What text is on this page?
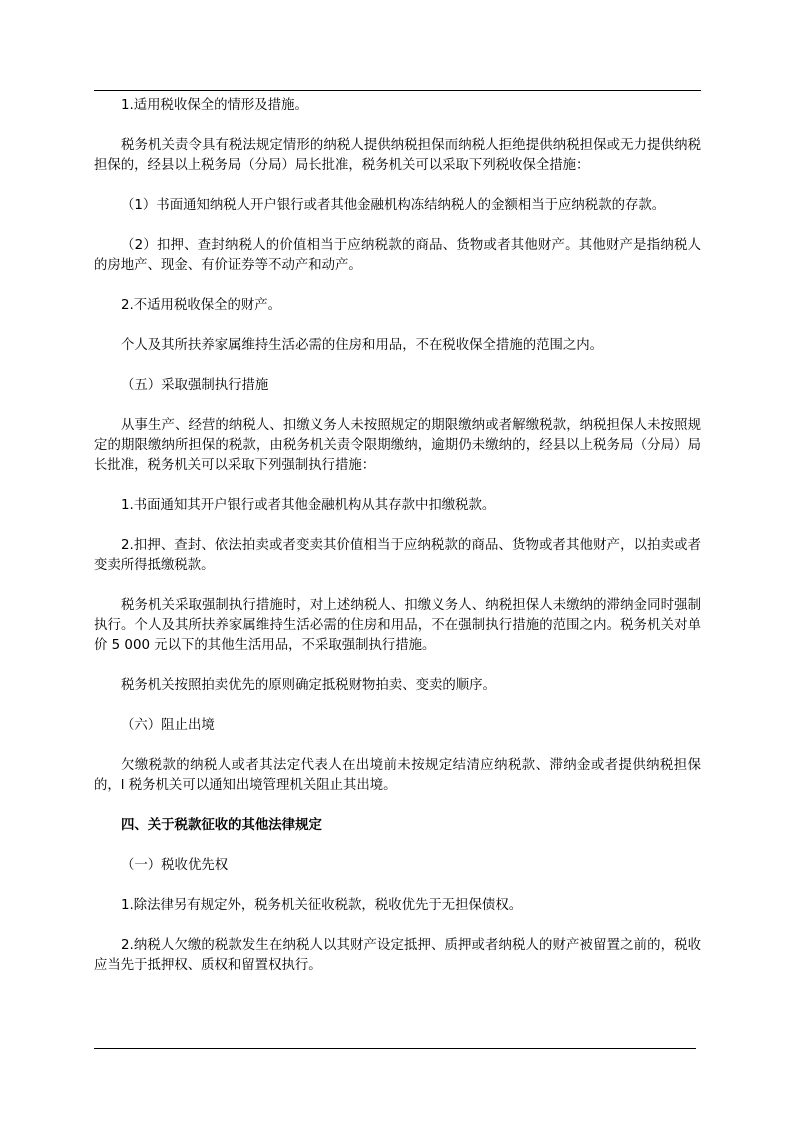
1.适用税收保全的情形及措施。

税务机关责令具有税法规定情形的纳税人提供纳税担保而纳税人拒绝提供纳税担保或无力提供纳税担保的，经县以上税务局（分局）局长批准，税务机关可以采取下列税收保全措施：

（1）书面通知纳税人开户银行或者其他金融机构冻结纳税人的金额相当于应纳税款的存款。

（2）扣押、查封纳税人的价值相当于应纳税款的商品、货物或者其他财产。其他财产是指纳税人的房地产、现金、有价证券等不动产和动产。

2.不适用税收保全的财产。

个人及其所扶养家属维持生活必需的住房和用品，不在税收保全措施的范围之内。

（五）采取强制执行措施

从事生产、经营的纳税人、扣缴义务人未按照规定的期限缴纳或者解缴税款，纳税担保人未按照规定的期限缴纳所担保的税款，由税务机关责令限期缴纳，逾期仍未缴纳的，经县以上税务局（分局）局长批准，税务机关可以采取下列强制执行措施：

1.书面通知其开户银行或者其他金融机构从其存款中扣缴税款。

2.扣押、查封、依法拍卖或者变卖其价值相当于应纳税款的商品、货物或者其他财产，以拍卖或者变卖所得抵缴税款。

税务机关采取强制执行措施时，对上述纳税人、扣缴义务人、纳税担保人未缴纳的滞纳金同时强制执行。个人及其所扶养家属维持生活必需的住房和用品，不在强制执行措施的范围之内。税务机关对单价 5 000 元以下的其他生活用品，不采取强制执行措施。

税务机关按照拍卖优先的原则确定抵税财物拍卖、变卖的顺序。

（六）阻止出境

欠缴税款的纳税人或者其法定代表人在出境前未按规定结清应纳税款、滞纳金或者提供纳税担保的，l 税务机关可以通知出境管理机关阻止其出境。

四、关于税款征收的其他法律规定

（一）税收优先权

1.除法律另有规定外，税务机关征收税款，税收优先于无担保债权。

2.纳税人欠缴的税款发生在纳税人以其财产设定抵押、质押或者纳税人的财产被留置之前的，税收应当先于抵押权、质权和留置权执行。
